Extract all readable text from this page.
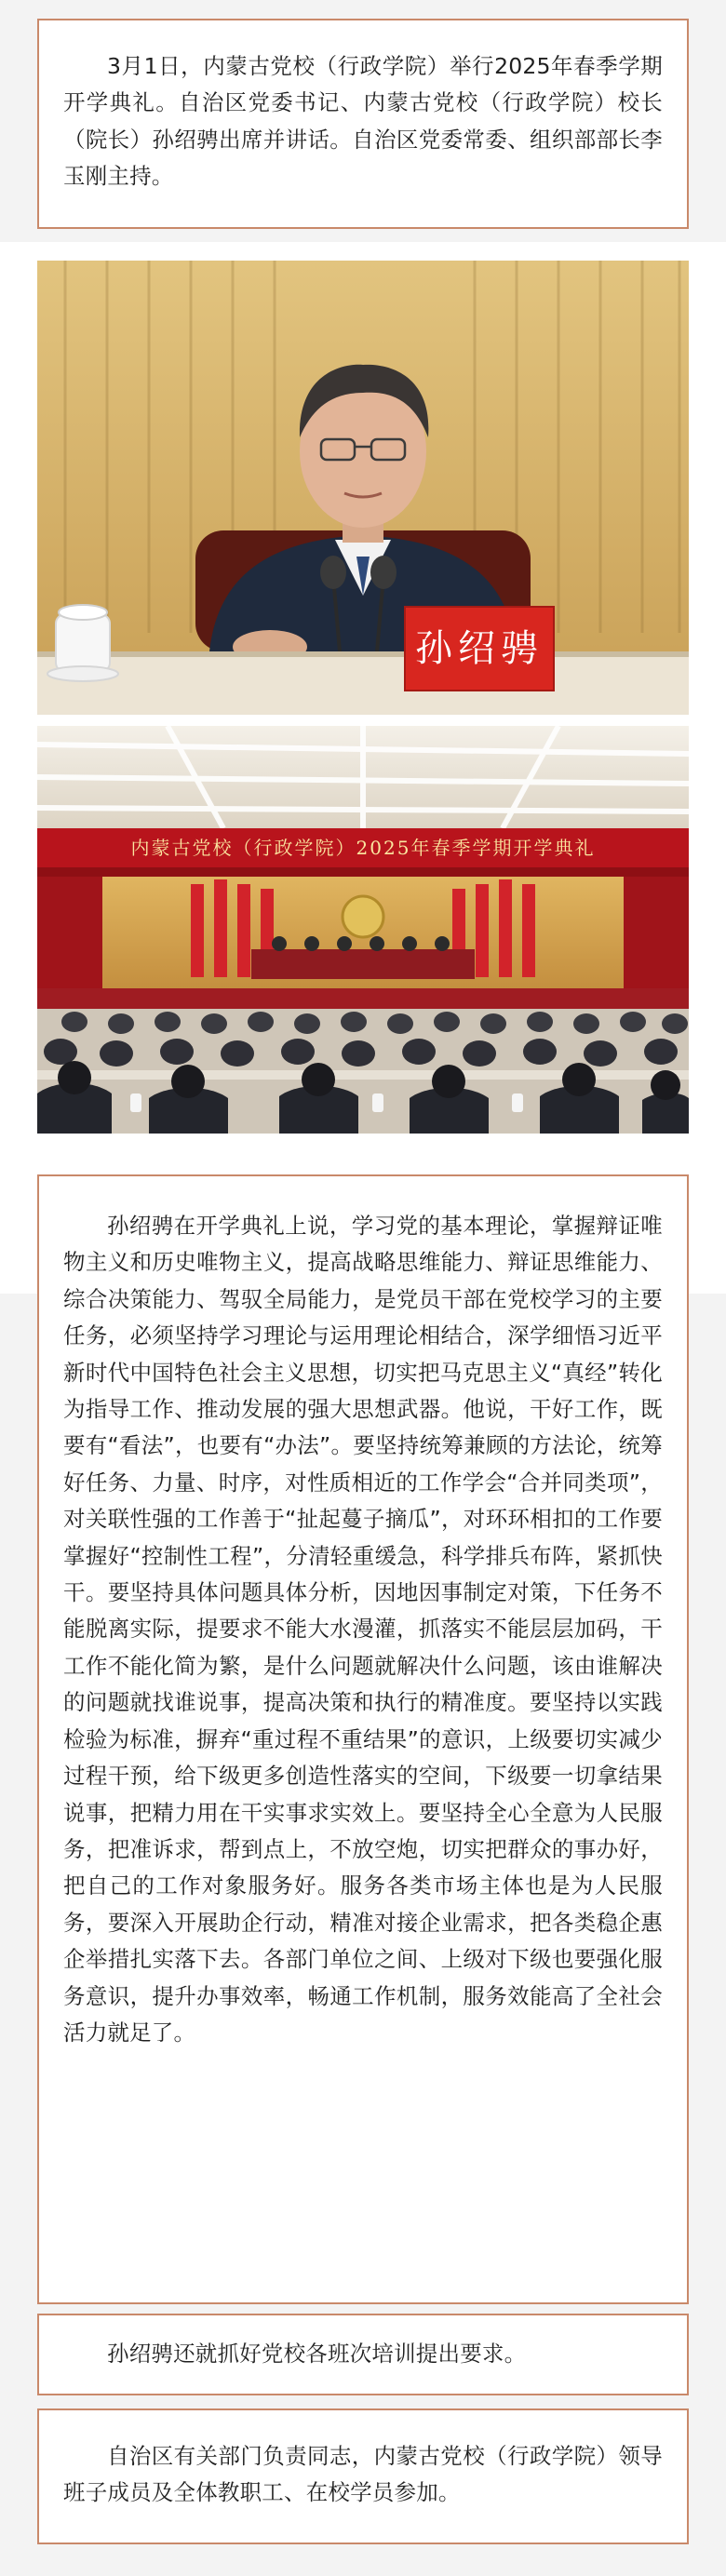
3月1日，内蒙古党校（行政学院）举行2025年春季学期开学典礼。自治区党委书记、内蒙古党校（行政学院）校长（院长）孙绍骋出席并讲话。自治区党委常委、组织部部长李玉刚主持。

孙绍骋
内蒙古党校（行政学院）2025年春季学期开学典礼

孙绍骋在开学典礼上说，学习党的基本理论，掌握辩证唯物主义和历史唯物主义，提高战略思维能力、辩证思维能力、综合决策能力、驾驭全局能力，是党员干部在党校学习的主要任务，必须坚持学习理论与运用理论相结合，深学细悟习近平新时代中国特色社会主义思想，切实把马克思主义“真经”转化为指导工作、推动发展的强大思想武器。他说，干好工作，既要有“看法”，也要有“办法”。要坚持统筹兼顾的方法论，统筹好任务、力量、时序，对性质相近的工作学会“合并同类项”，对关联性强的工作善于“扯起蔓子摘瓜”，对环环相扣的工作要掌握好“控制性工程”，分清轻重缓急，科学排兵布阵，紧抓快干。要坚持具体问题具体分析，因地因事制定对策，下任务不能脱离实际，提要求不能大水漫灌，抓落实不能层层加码，干工作不能化简为繁，是什么问题就解决什么问题，该由谁解决的问题就找谁说事，提高决策和执行的精准度。要坚持以实践检验为标准，摒弃“重过程不重结果”的意识，上级要切实减少过程干预，给下级更多创造性落实的空间，下级要一切拿结果说事，把精力用在干实事求实效上。要坚持全心全意为人民服务，把准诉求，帮到点上，不放空炮，切实把群众的事办好，把自己的工作对象服务好。服务各类市场主体也是为人民服务，要深入开展助企行动，精准对接企业需求，把各类稳企惠企举措扎实落下去。各部门单位之间、上级对下级也要强化服务意识，提升办事效率，畅通工作机制，服务效能高了全社会活力就足了。

孙绍骋还就抓好党校各班次培训提出要求。

自治区有关部门负责同志，内蒙古党校（行政学院）领导班子成员及全体教职工、在校学员参加。
